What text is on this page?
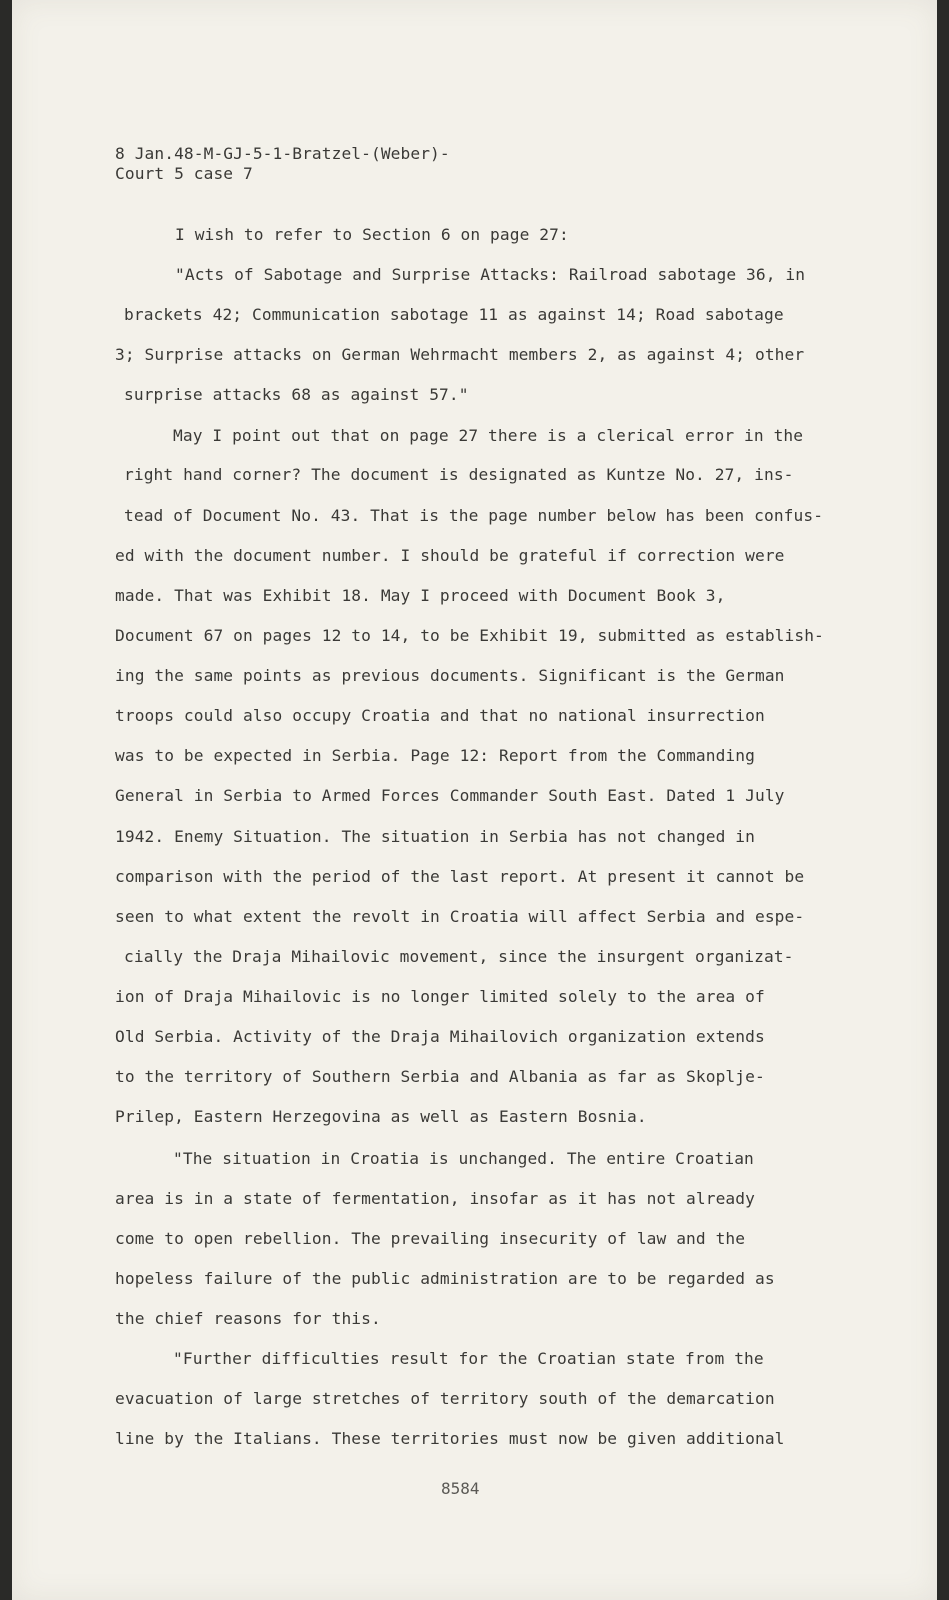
8 Jan.48-M-GJ-5-1-Bratzel-(Weber)-
Court 5 case 7
I wish to refer to Section 6 on page 27:
"Acts of Sabotage and Surprise Attacks: Railroad sabotage 36, in
brackets 42; Communication sabotage 11 as against 14; Road sabotage
3; Surprise attacks on German Wehrmacht members 2, as against 4; other
surprise attacks 68 as against 57."
May I point out that on page 27 there is a clerical error in the
right hand corner? The document is designated as Kuntze No. 27, ins-
tead of Document No. 43. That is the page number below has been confus-
ed with the document number. I should be grateful if correction were
made. That was Exhibit 18. May I proceed with Document Book 3,
Document 67 on pages 12 to 14, to be Exhibit 19, submitted as establish-
ing the same points as previous documents. Significant is the German
troops could also occupy Croatia and that no national insurrection
was to be expected in Serbia. Page 12: Report from the Commanding
General in Serbia to Armed Forces Commander South East. Dated 1 July
1942. Enemy Situation. The situation in Serbia has not changed in
comparison with the period of the last report. At present it cannot be
seen to what extent the revolt in Croatia will affect Serbia and espe-
cially the Draja Mihailovic movement, since the insurgent organizat-
ion of Draja Mihailovic is no longer limited solely to the area of
Old Serbia. Activity of the Draja Mihailovich organization extends
to the territory of Southern Serbia and Albania as far as Skoplje-
Prilep, Eastern Herzegovina as well as Eastern Bosnia.
"The situation in Croatia is unchanged. The entire Croatian
area is in a state of fermentation, insofar as it has not already
come to open rebellion. The prevailing insecurity of law and the
hopeless failure of the public administration are to be regarded as
the chief reasons for this.
"Further difficulties result for the Croatian state from the
evacuation of large stretches of territory south of the demarcation
line by the Italians. These territories must now be given additional
8584
